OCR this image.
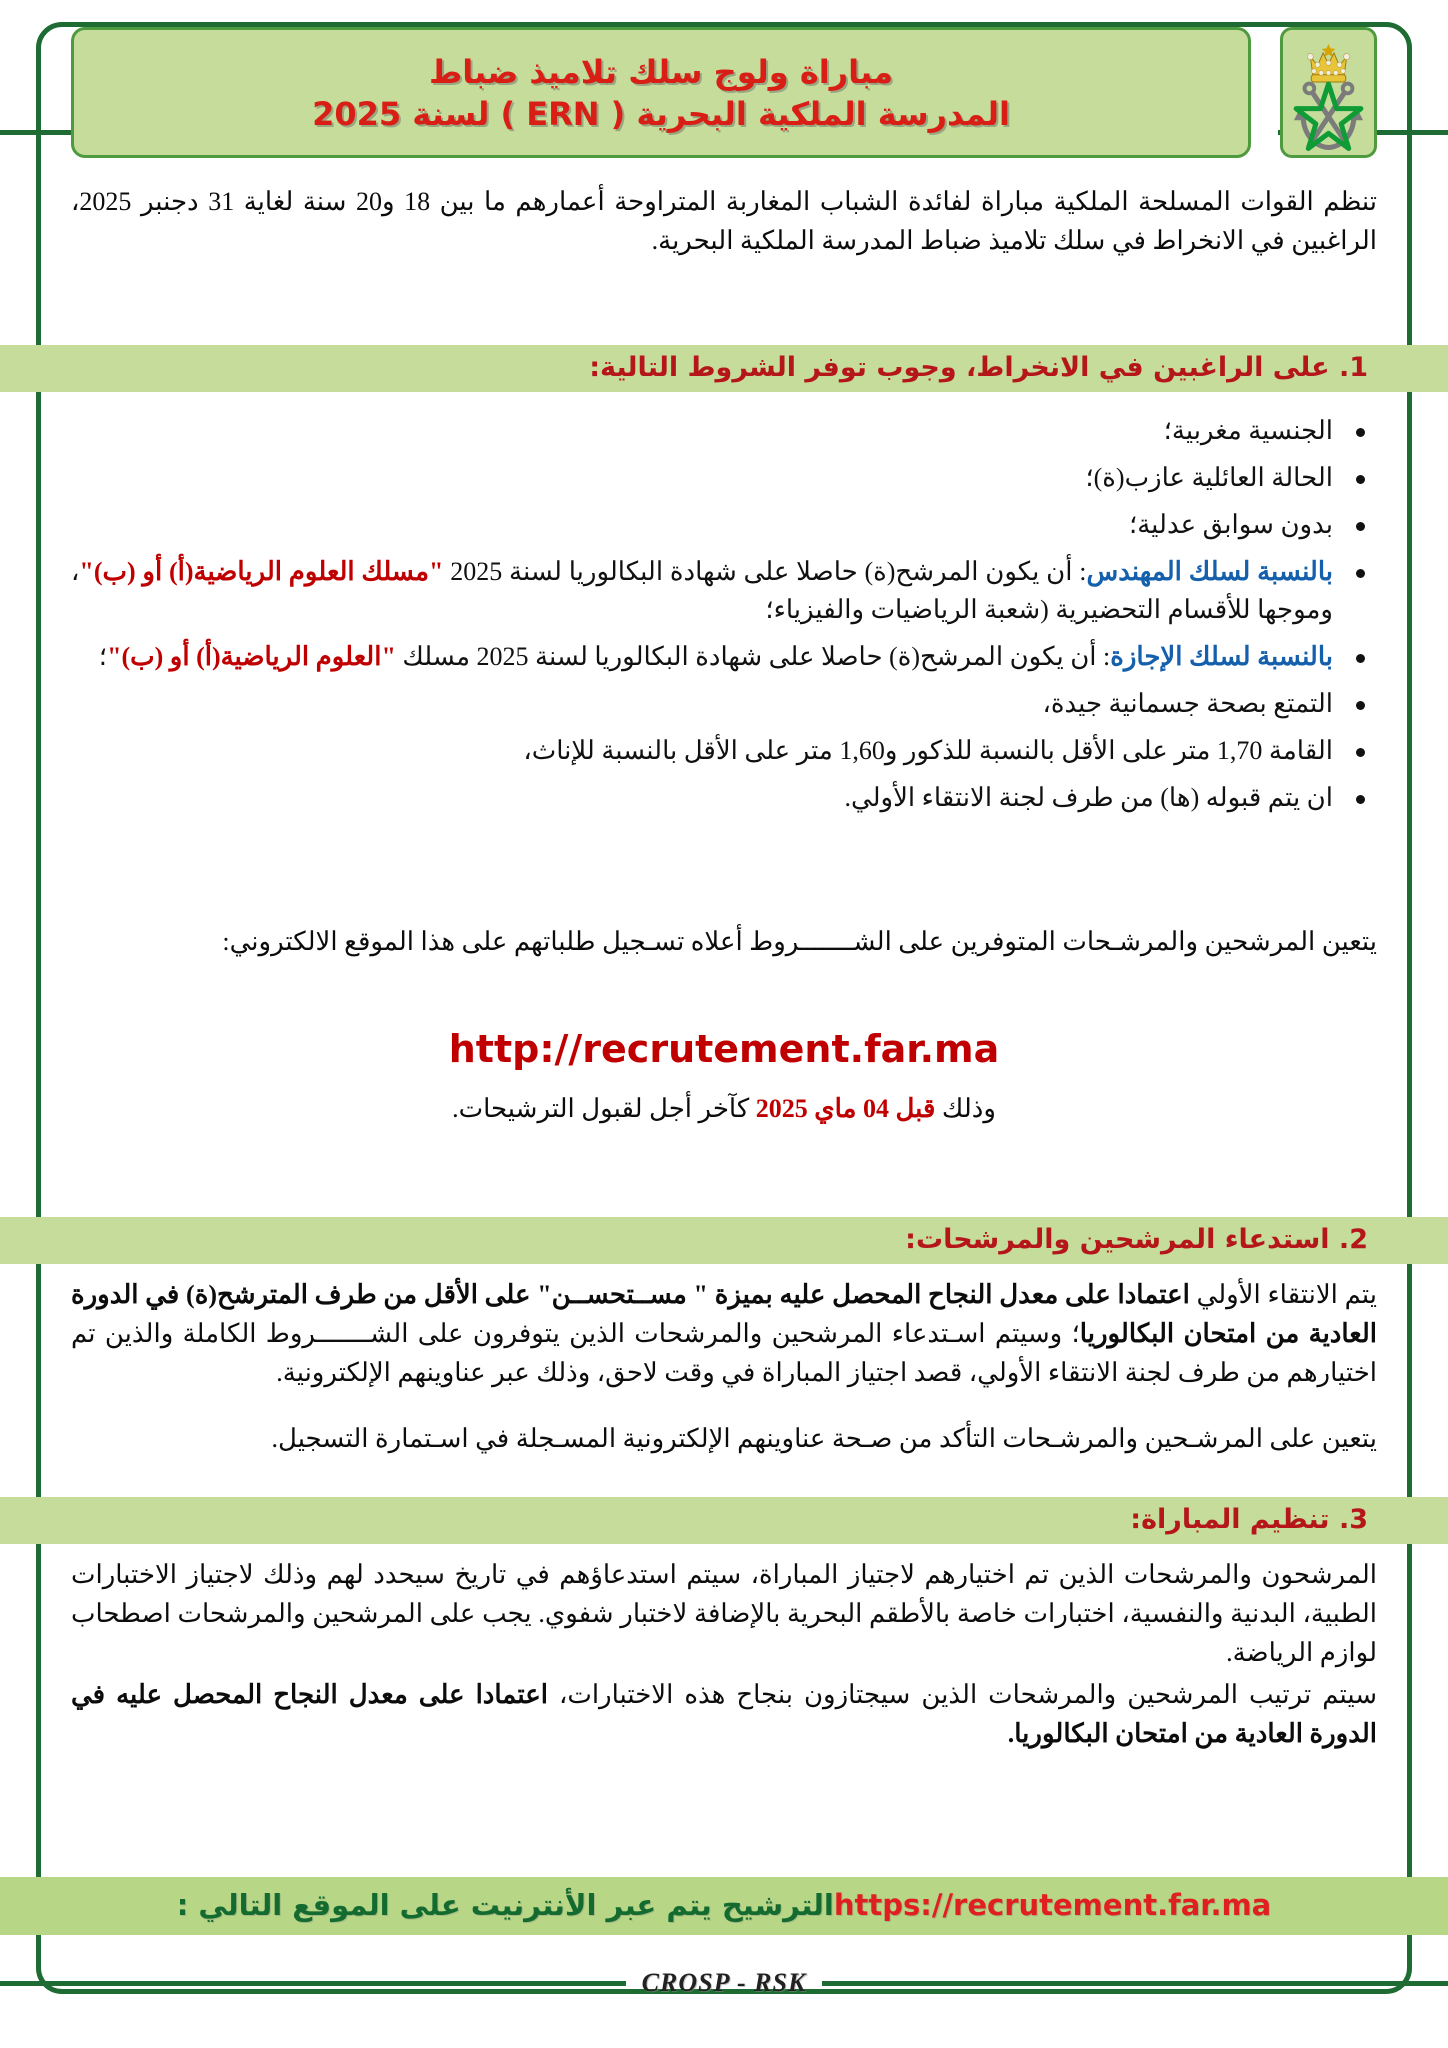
مباراة ولوج سلك تلاميذ ضباط
المدرسة الملكية البحرية ( ERN ) لسنة 2025
تنظم القوات المسلحة الملكية مباراة لفائدة الشباب المغاربة المتراوحة أعمارهم ما بين 18 و20 سنة لغاية 31 دجنبر 2025، الراغبين في الانخراط في سلك تلاميذ ضباط المدرسة الملكية البحرية.
1. على الراغبين في الانخراط، وجوب توفر الشروط التالية:
الجنسية مغربية؛
الحالة العائلية عازب(ة)؛
بدون سوابق عدلية؛
بالنسبة لسلك المهندس: أن يكون المرشح(ة) حاصلا على شهادة البكالوريا لسنة 2025 "مسلك العلوم الرياضية(أ) أو (ب)"، وموجها للأقسام التحضيرية (شعبة الرياضيات والفيزياء؛
بالنسبة لسلك الإجازة: أن يكون المرشح(ة) حاصلا على شهادة البكالوريا لسنة 2025 مسلك "العلوم الرياضية(أ) أو (ب)"؛
التمتع بصحة جسمانية جيدة،
القامة 1,70 متر على الأقل بالنسبة للذكور و1,60 متر على الأقل بالنسبة للإناث،
ان يتم قبوله (ها) من طرف لجنة الانتقاء الأولي.
يتعين المرشحين والمرشـحات المتوفرين على الشـــــــروط أعلاه تسـجيل طلباتهم على هذا الموقع الالكتروني:
http://recrutement.far.ma
وذلك قبل 04 ماي 2025 كآخر أجل لقبول الترشيحات.
2. استدعاء المرشحين والمرشحات:
يتم الانتقاء الأولي اعتمادا على معدل النجاح المحصل عليه بميزة " مســتحســن" على الأقل من طرف المترشح(ة) في الدورة العادية من امتحان البكالوريا؛ وسيتم اسـتدعاء المرشحين والمرشحات الذين يتوفرون على الشـــــــروط الكاملة والذين تم اختيارهم من طرف لجنة الانتقاء الأولي، قصد اجتياز المباراة في وقت لاحق، وذلك عبر عناوينهم الإلكترونية.
يتعين على المرشـحين والمرشـحات التأكد من صـحة عناوينهم الإلكترونية المسـجلة في اسـتمارة التسجيل.
3. تنظيم المباراة:
المرشحون والمرشحات الذين تم اختيارهم لاجتياز المباراة، سيتم استدعاؤهم في تاريخ سيحدد لهم وذلك لاجتياز الاختبارات الطبية، البدنية والنفسية، اختبارات خاصة بالأطقم البحرية بالإضافة لاختبار شفوي. يجب على المرشحين والمرشحات اصطحاب لوازم الرياضة.
سيتم ترتيب المرشحين والمرشحات الذين سيجتازون بنجاح هذه الاختبارات، اعتمادا على معدل النجاح المحصل عليه في الدورة العادية من امتحان البكالوريا.
https://recrutement.far.maالترشيح يتم عبر الأنترنيت على الموقع التالي :
CROSP - RSK
